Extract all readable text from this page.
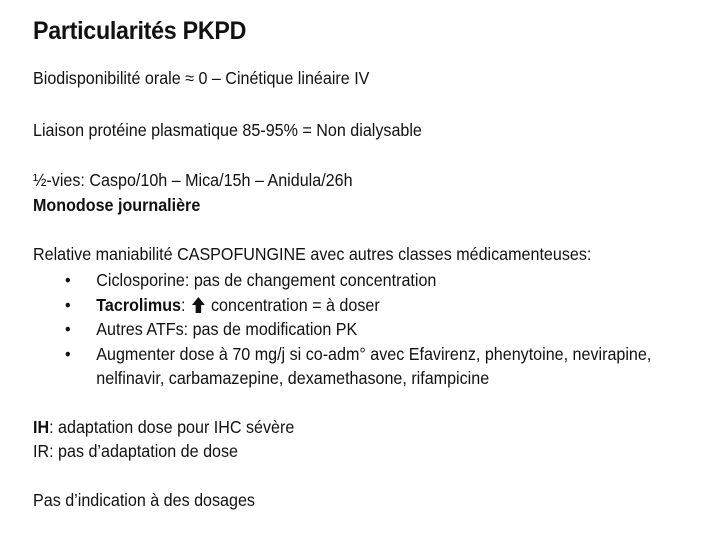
Particularités PKPD
Biodisponibilité orale ≈ 0 – Cinétique linéaire IV
Liaison protéine plasmatique 85-95% = Non dialysable
½-vies: Caspo/10h – Mica/15h – Anidula/26h
Monodose journalière
Relative maniabilité CASPOFUNGINE avec autres classes médicamenteuses:
• Ciclosporine: pas de changement concentration
• Tacrolimus:  concentration = à doser
• Autres ATFs: pas de modification PK
• Augmenter dose à 70 mg/j si co-adm° avec Efavirenz, phenytoine, nevirapine,
nelfinavir, carbamazepine, dexamethasone, rifampicine
IH: adaptation dose pour IHC sévère
IR: pas d’adaptation de dose
Pas d’indication à des dosages
